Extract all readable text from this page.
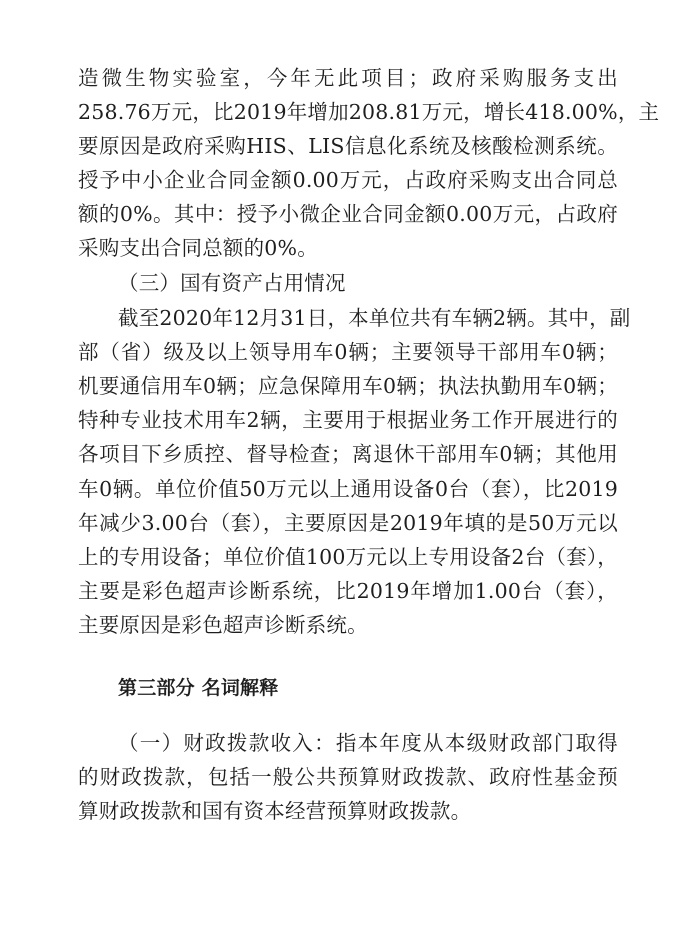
造微生物实验室，今年无此项目；政府采购服务支出
258.76万元，比2019年增加208.81万元，增长418.00%，主
要原因是政府采购HIS、LIS信息化系统及核酸检测系统。
授予中小企业合同金额0.00万元，占政府采购支出合同总
额的0%。其中：授予小微企业合同金额0.00万元，占政府
采购支出合同总额的0%。
（三）国有资产占用情况
截至2020年12月31日，本单位共有车辆2辆。其中，副
部（省）级及以上领导用车0辆；主要领导干部用车0辆；
机要通信用车0辆；应急保障用车0辆；执法执勤用车0辆；
特种专业技术用车2辆，主要用于根据业务工作开展进行的
各项目下乡质控、督导检查；离退休干部用车0辆；其他用
车0辆。单位价值50万元以上通用设备0台（套），比2019
年减少3.00台（套），主要原因是2019年填的是50万元以
上的专用设备；单位价值100万元以上专用设备2台（套），
主要是彩色超声诊断系统，比2019年增加1.00台（套），
主要原因是彩色超声诊断系统。
第三部分 名词解释
（一）财政拨款收入：指本年度从本级财政部门取得
的财政拨款，包括一般公共预算财政拨款、政府性基金预
算财政拨款和国有资本经营预算财政拨款。
